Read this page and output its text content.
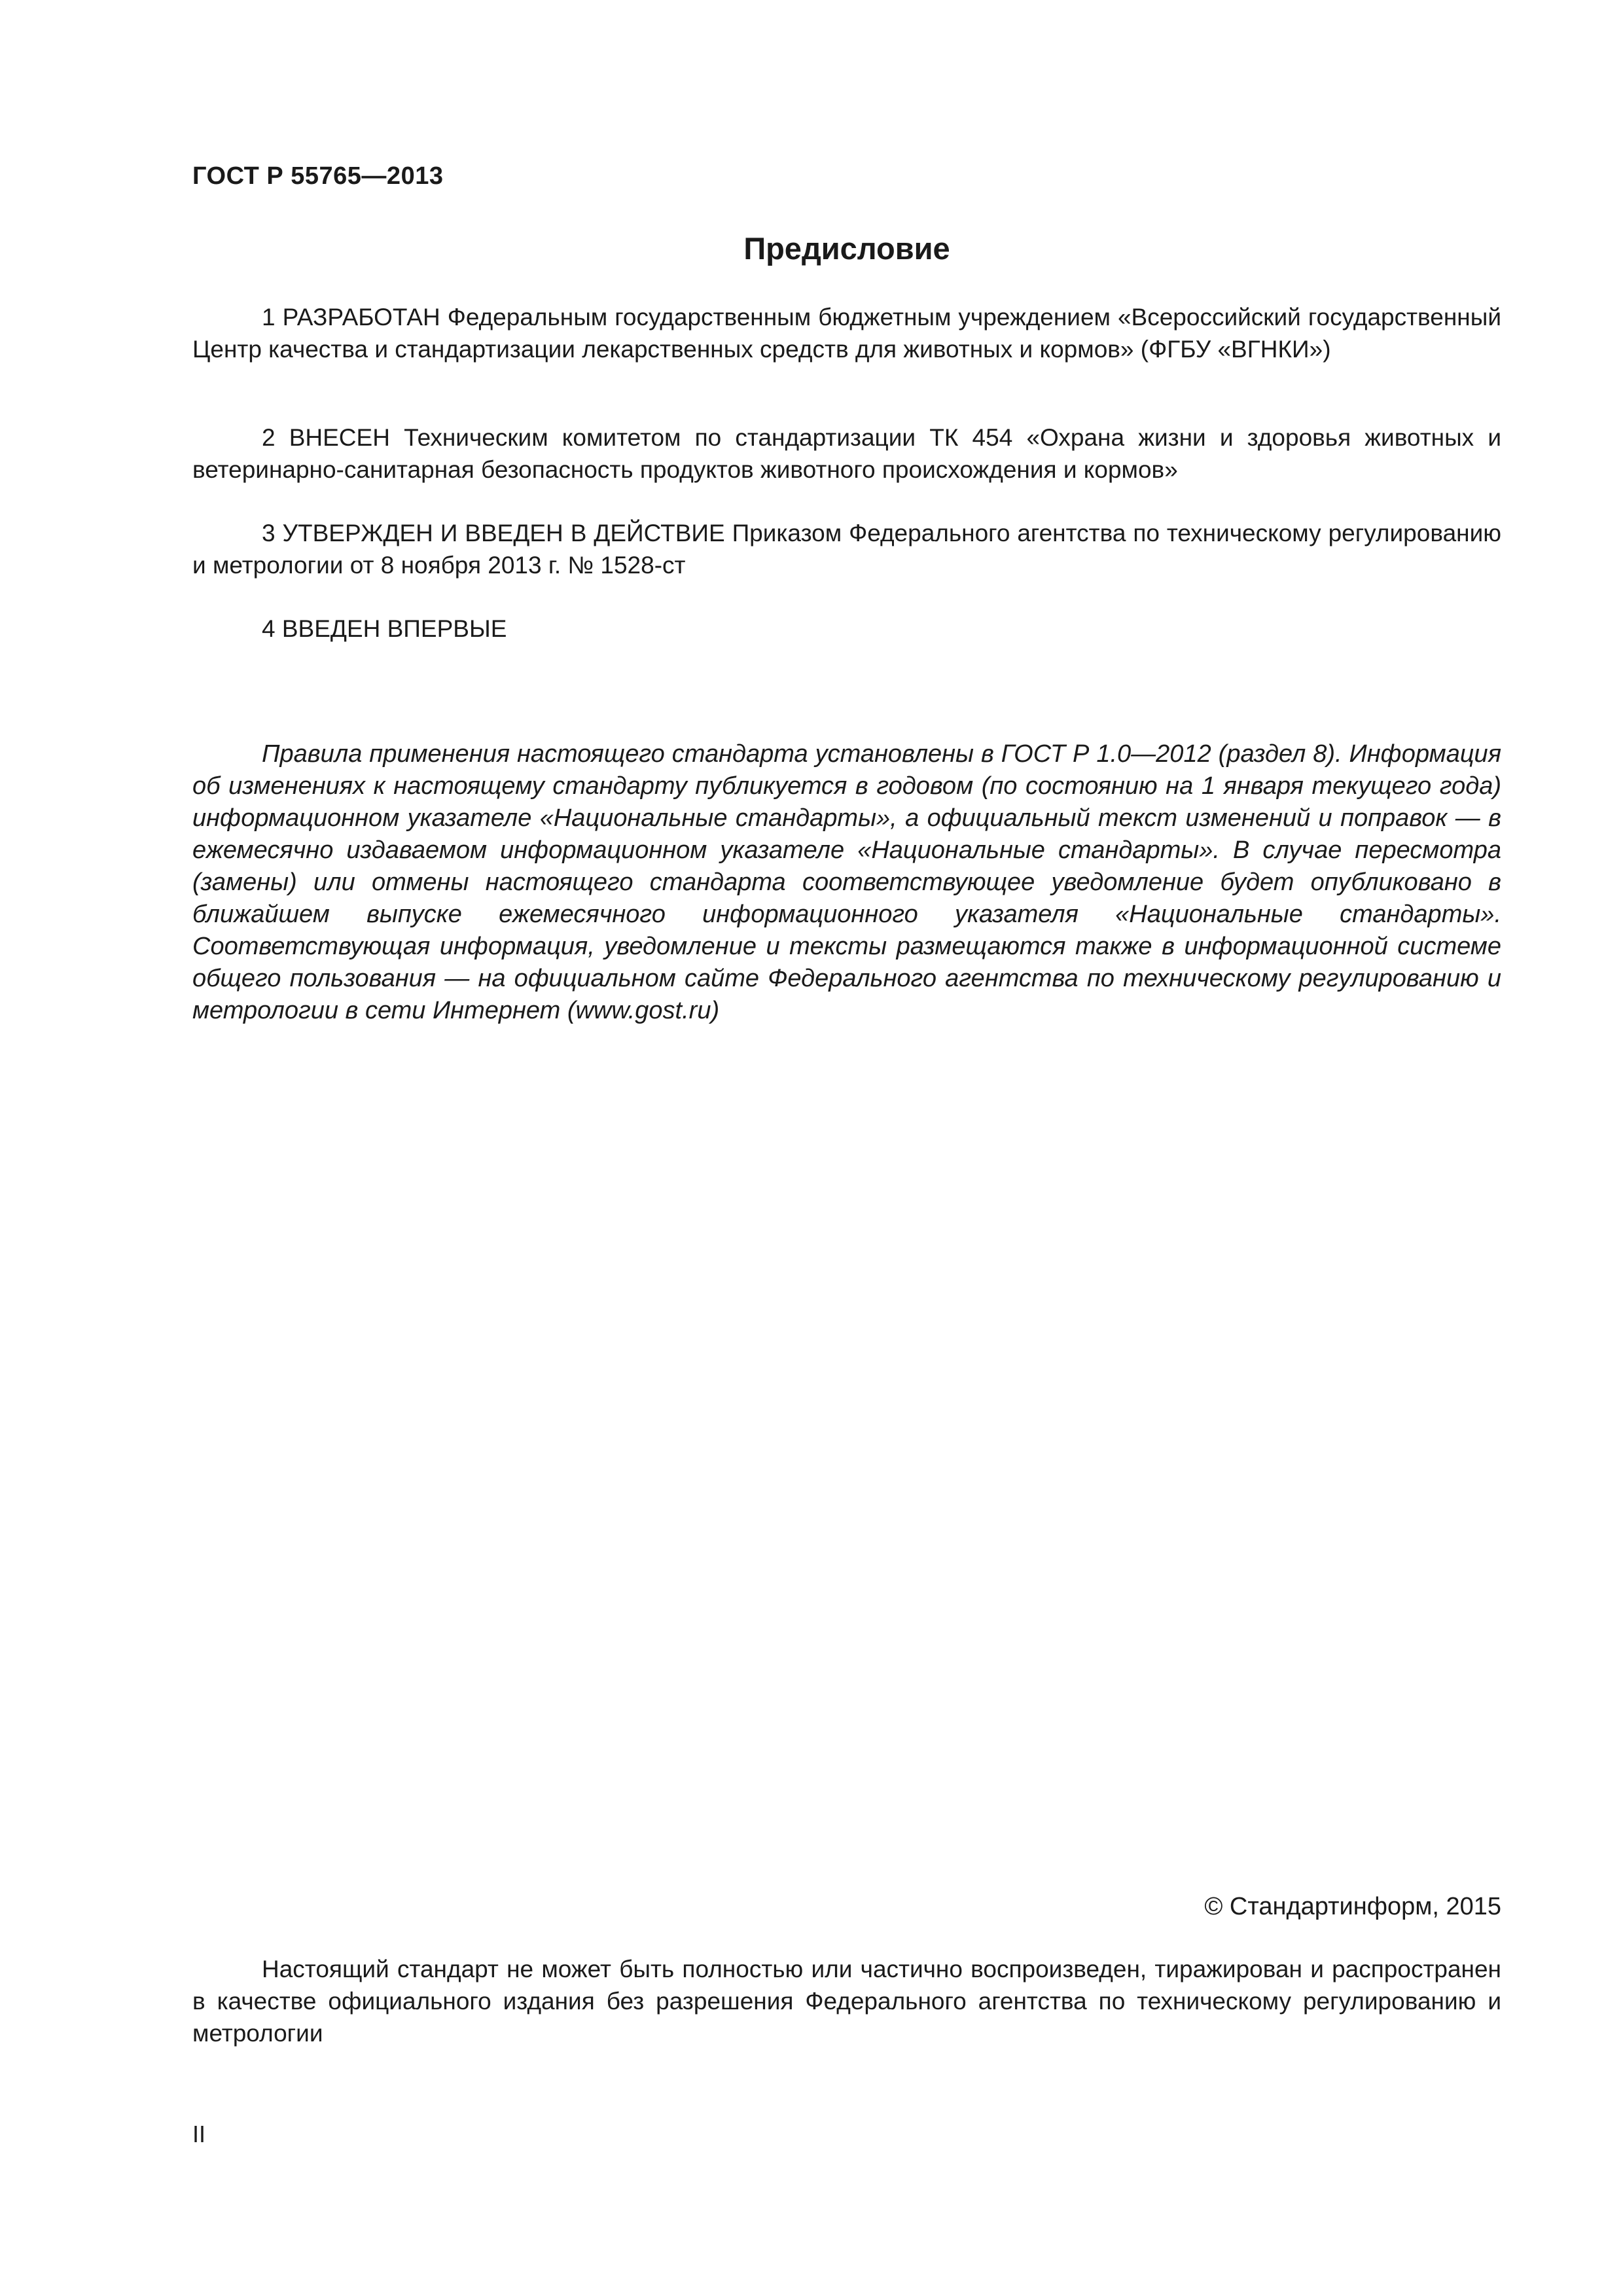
ГОСТ Р 55765—2013

Предисловие

1 РАЗРАБОТАН Федеральным государственным бюджетным учреждением «Всероссийский государственный Центр качества и стандартизации лекарственных средств для животных и кормов» (ФГБУ «ВГНКИ»)

2 ВНЕСЕН Техническим комитетом по стандартизации ТК 454 «Охрана жизни и здоровья животных и ветеринарно-санитарная безопасность продуктов животного происхождения и кормов»

3 УТВЕРЖДЕН И ВВЕДЕН В ДЕЙСТВИЕ Приказом Федерального агентства по техническому регулированию и метрологии от 8 ноября 2013 г. № 1528-ст

4 ВВЕДЕН ВПЕРВЫЕ

Правила применения настоящего стандарта установлены в ГОСТ Р 1.0—2012 (раздел 8). Информация об изменениях к настоящему стандарту публикуется в годовом (по состоянию на 1 января текущего года) информационном указателе «Национальные стандарты», а официальный текст изменений и поправок — в ежемесячно издаваемом информационном указателе «Национальные стандарты». В случае пересмотра (замены) или отмены настоящего стандарта соответствующее уведомление будет опубликовано в ближайшем выпуске ежемесячного информационного указателя «Национальные стандарты». Соответствующая информация, уведомление и тексты размещаются также в информационной системе общего пользования — на официальном сайте Федерального агентства по техническому регулированию и метрологии в сети Интернет (www.gost.ru)

© Стандартинформ, 2015

Настоящий стандарт не может быть полностью или частично воспроизведен, тиражирован и распространен в качестве официального издания без разрешения Федерального агентства по техническому регулированию и метрологии

II
